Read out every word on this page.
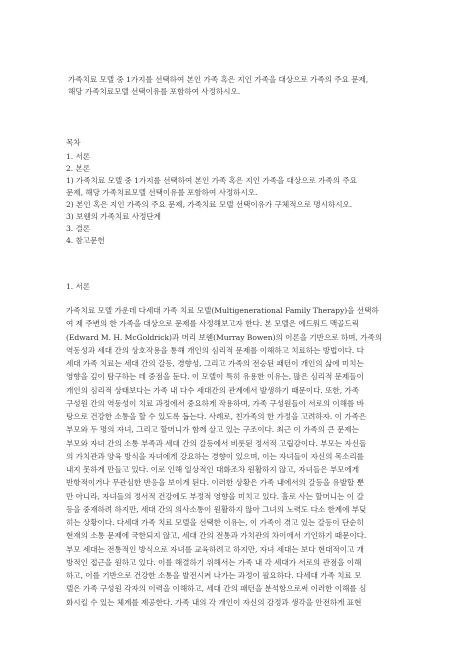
가족치료 모델 중 1가지를 선택하여 본인 가족 혹은 지인 가족을 대상으로 가족의 주요 문제,
해당 가족치료모델 선택이유를 포함하여 사정하시오.
목차
1. 서론
2. 본론
1) 가족치료 모델 중 1가지를 선택하여 본인 가족 혹은 지인 가족을 대상으로 가족의 주요
문제, 해당 가족치료모델 선택이유를 포함하여 사정하시오.
2) 본인 혹은 지인 가족의 주요 문제, 가족치료 모델 선택이유가 구체적으로 명시하시오.
3) 보웬의 가족치료 사정단계
3. 결론
4. 참고문헌
1. 서론
가족치료 모델 가운데 다세대 가족 치료 모델(Multigenerational Family Therapy)을 선택하
여 제 주변의 한 가족을 대상으로 문제를 사정해보고자 한다. 본 모델은 에드워드 맥골드릭
(Edward M. H. McGoldrick)과 머리 보웬(Murray Bowen)의 이론을 기반으로 하며, 가족의
역동성과 세대 간의 상호작용을 통해 개인의 심리적 문제를 이해하고 치료하는 방법이다. 다
세대 가족 치료는 세대 간의 갈등, 경향성, 그리고 가족의 전승된 패턴이 개인의 삶에 미치는
영향을 깊이 탐구하는 데 중점을 둔다. 이 모델이 특히 유용한 이유는, 많은 심리적 문제들이
개인의 심리적 상태보다는 가족 내 다수 세대간의 관계에서 발생하기 때문이다. 또한, 가족
구성원 간의 역동성이 치료 과정에서 중요하게 작용하며, 가족 구성원들이 서로의 이해를 바
탕으로 건강한 소통을 할 수 있도록 돕는다. 사례로, 친가족의 한 가정을 고려하자. 이 가족은
부모와 두 명의 자녀, 그리고 할머니가 함께 살고 있는 구조이다. 최근 이 가족의 큰 문제는
부모와 자녀 간의 소통 부족과 세대 간의 갈등에서 비롯된 정서적 고립감이다. 부모는 자신들
의 가치관과 양육 방식을 자녀에게 강요하는 경향이 있으며, 이는 자녀들이 자신의 목소리를
내지 못하게 만들고 있다. 이로 인해 일상적인 대화조차 원활하지 않고, 자녀들은 부모에게
반항적이거나 무관심한 반응을 보이게 된다. 이러한 상황은 가족 내에서의 갈등을 유발할 뿐
만 아니라, 자녀들의 정서적 건강에도 부정적 영향을 미치고 있다. 홀로 사는 할머니는 이 갈
등을 중재하려 하지만, 세대 간의 의사소통이 원활하지 않아 그녀의 노력도 다소 한계에 부딪
히는 상황이다. 다세대 가족 치료 모델을 선택한 이유는, 이 가족이 겪고 있는 갈등이 단순히
현재의 소통 문제에 국한되지 않고, 세대 간의 전통과 가치관의 차이에서 기인하기 때문이다.
부모 세대는 전통적인 방식으로 자녀를 교육하려고 하지만, 자녀 세대는 보다 현대적이고 개
방적인 접근을 원하고 있다. 이를 해결하기 위해서는 가족 내 각 세대가 서로의 관점을 이해
하고, 이를 기반으로 건강한 소통을 발전시켜 나가는 과정이 필요하다. 다세대 가족 치료 모
델은 가족 구성원 각자의 이력을 이해하고, 세대 간의 패턴을 분석함으로써 이러한 이해를 심
화시킬 수 있는 체계를 제공한다. 가족 내의 각 개인이 자신의 감정과 생각을 안전하게 표현
